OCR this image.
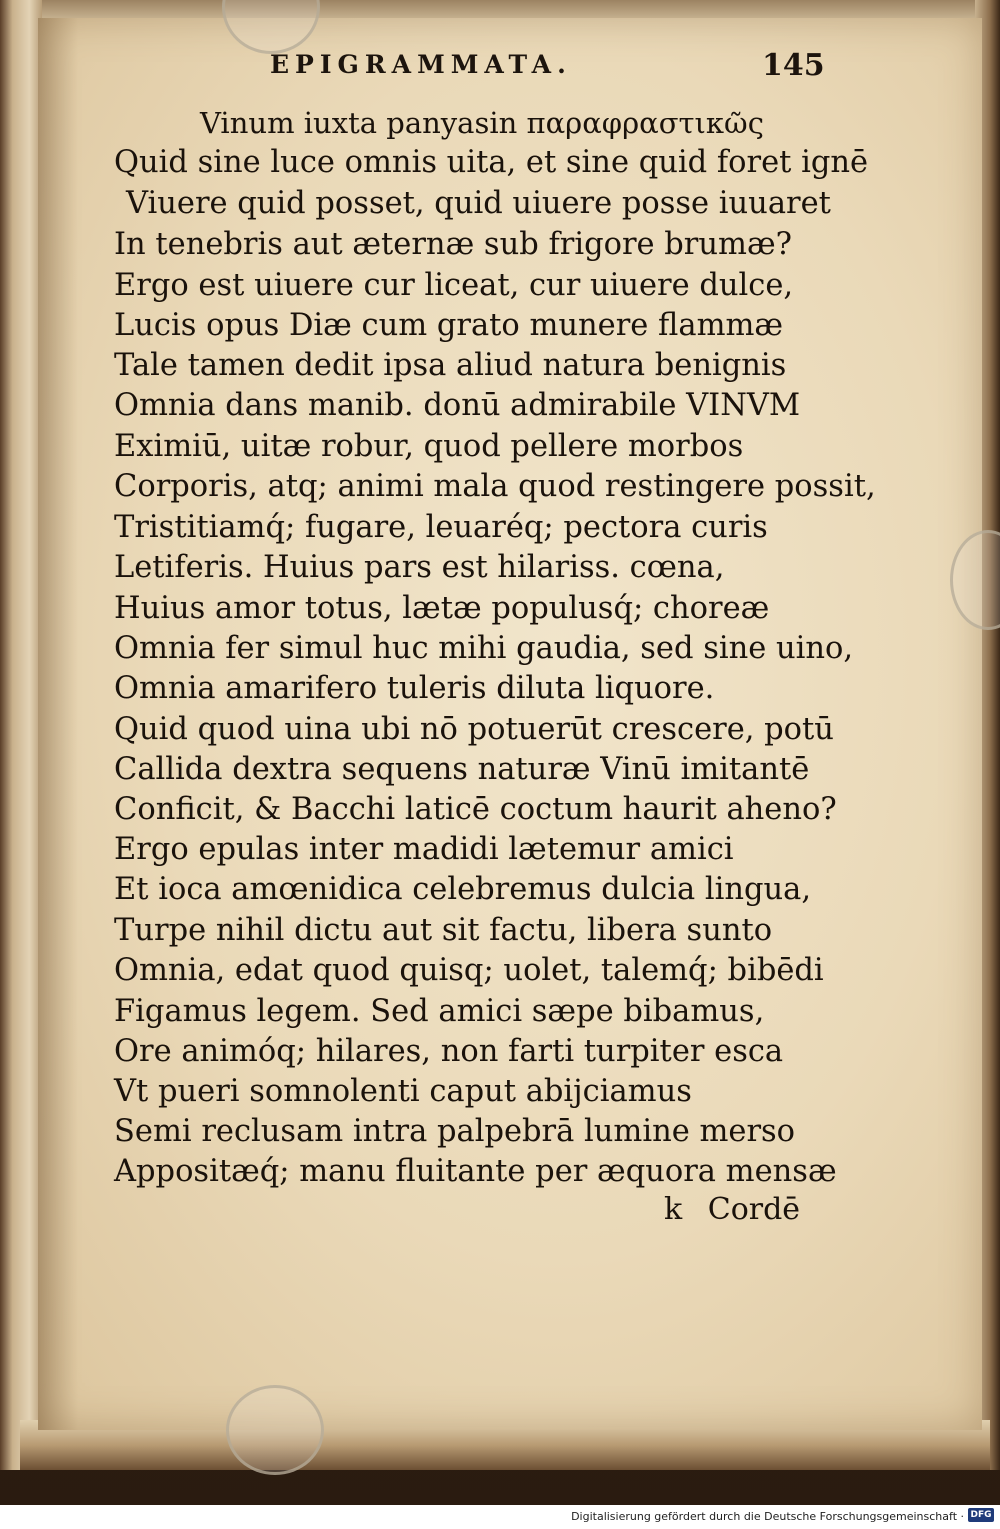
EPIGRAMMATA.	145
Vinum iuxta panyasin παραφραστικῶς
Quid sine luce omnis uita, et sine quid foret ignē
Viuere quid posset, quid uiuere posse iuuaret
In tenebris aut æternæ sub frigore brumæ?
Ergo est uiuere cur liceat, cur uiuere dulce,
Lucis opus Diæ cum grato munere flammæ
Tale tamen dedit ipsa aliud natura benignis
Omnia dans manib. donū admirabile VINVM
Eximiū, uitæ robur, quod pellere morbos
Corporis, atq; animi mala quod restingere possit,
Tristitiamq́; fugare, leuaréq; pectora curis
Letiferis. Huius pars est hilariss. cœna,
Huius amor totus, lætæ populusq́; choreæ
Omnia fer simul huc mihi gaudia, sed sine uino,
Omnia amarifero tuleris diluta liquore.
Quid quod uina ubi nō potuerūt crescere, potū
Callida dextra sequens naturæ Vinū imitantē
Conficit, & Bacchi laticē coctum haurit aheno?
Ergo epulas inter madidi lætemur amici
Et ioca amœnidica celebremus dulcia lingua,
Turpe nihil dictu aut sit factu, libera sunto
Omnia, edat quod quisq; uolet, talemq́; bibēdi
Figamus legem. Sed amici sæpe bibamus,
Ore animóq; hilares, non farti turpiter esca
Vt pueri somnolenti caput abijciamus
Semi reclusam intra palpebrā lumine merso
Appositæq́; manu fluitante per æquora mensæ
k Cordē
Digitalisierung gefördert durch die Deutsche Forschungsgemeinschaft · DFG
